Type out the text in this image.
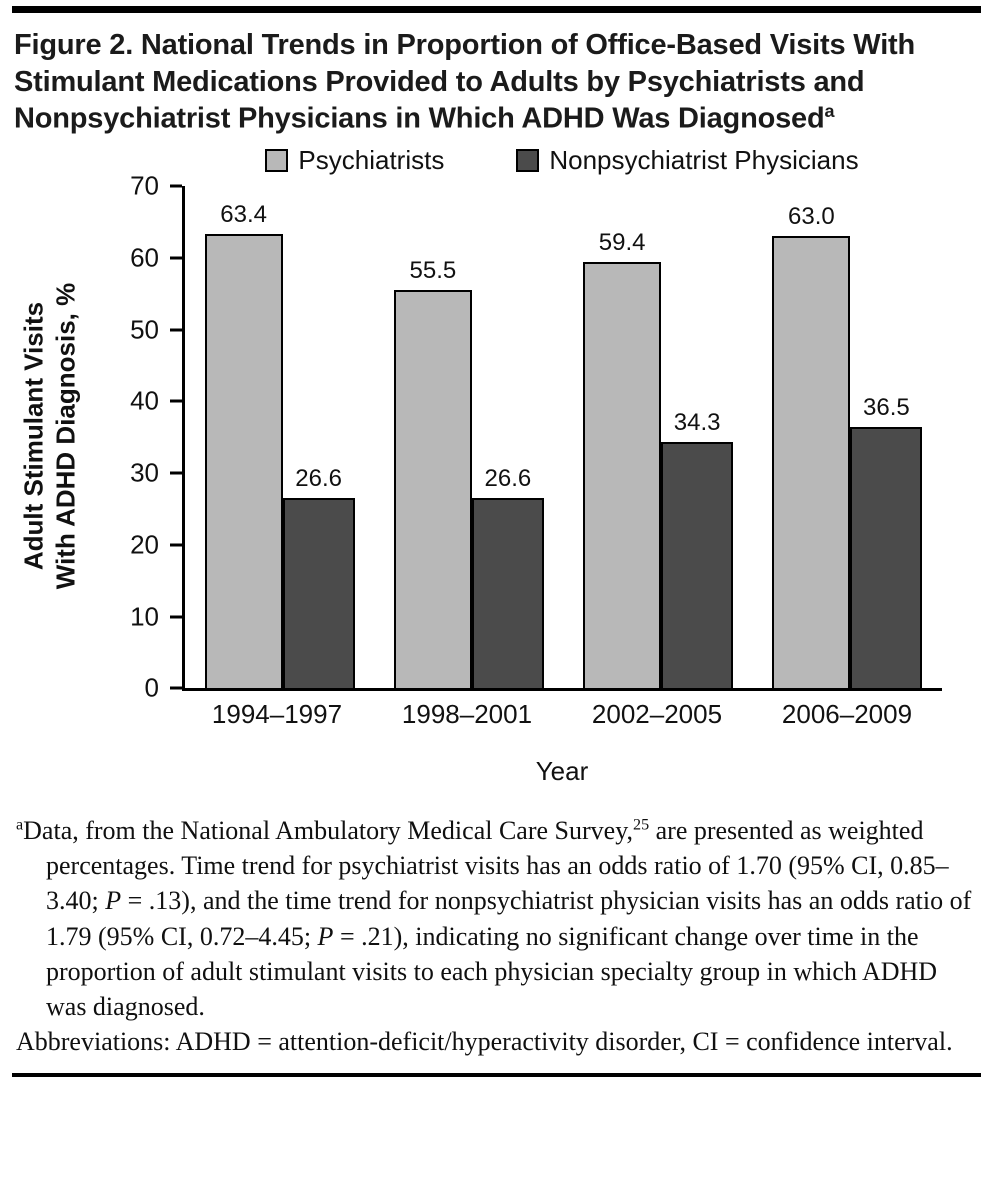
Figure 2. National Trends in Proportion of Office-Based Visits With Stimulant Medications Provided to Adults by Psychiatrists and Nonpsychiatrist Physicians in Which ADHD Was Diagnosed$^a$
Psychiatrists	Nonpsychiatrist Physicians
Adult Stimulant Visits With ADHD Diagnosis, %
63.4
26.6
55.5
26.6
59.4
34.3
63.0
36.5
0
10
20
30
40
50
60
70
1994–1997	1998–2001	2002–2005	2006–2009
Year

$^a$Data, from the National Ambulatory Medical Care Survey,$^{25}$ are presented as weighted percentages. Time trend for psychiatrist visits has an odds ratio of 1.70 (95% CI, 0.85–3.40; P = .13), and the time trend for nonpsychiatrist physician visits has an odds ratio of 1.79 (95% CI, 0.72–4.45; P = .21), indicating no significant change over time in the proportion of adult stimulant visits to each physician specialty group in which ADHD was diagnosed.

Abbreviations: ADHD = attention-deficit/hyperactivity disorder, CI = confidence interval.
